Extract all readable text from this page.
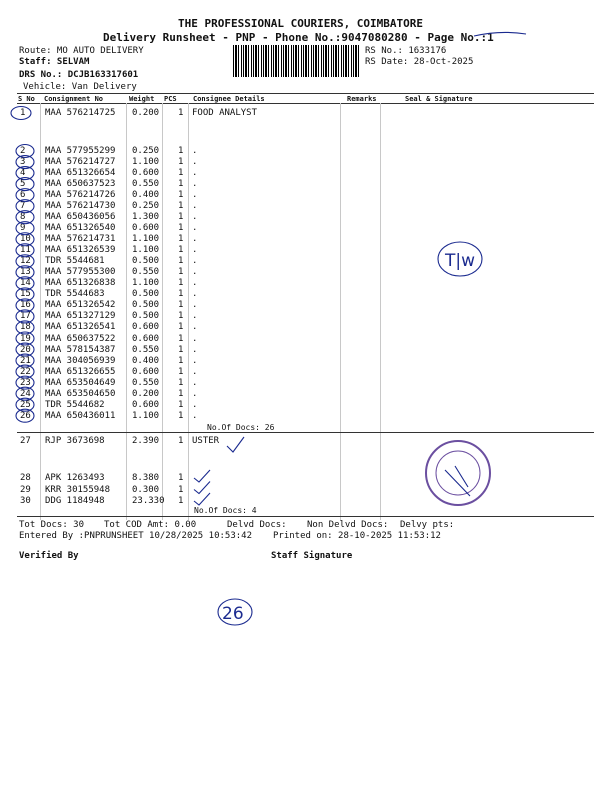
THE PROFESSIONAL COURIERS, COIMBATORE
Delivery Runsheet - PNP - Phone No.:9047080280 - Page No.:1
Route: MO AUTO DELIVERY
Staff: SELVAM
DRS No.: DCJB163317601
Vehicle: Van Delivery
RS No.: 1633176
RS Date: 28-Oct-2025
S No Consignment No	Weight PCS Consignee Details	Remarks	Seal & Signature
1 MAA 576214725 0.200 1 FOOD ANALYST
2 MAA 577955299 0.250 1 .
3 MAA 576214727 1.100 1 .
4 MAA 651326654 0.600 1 .
5 MAA 650637523 0.550 1 .
6 MAA 576214726 0.400 1 .
7 MAA 576214730 0.250 1 .
8 MAA 650436056 1.300 1 .
9 MAA 651326540 0.600 1 .
10 MAA 576214731 1.100 1 .
11 MAA 651326539 1.100 1 .
12 TDR 5544681	0.500 1 .
13 MAA 577955300 0.550 1 .
14 MAA 651326838 1.100 1 .
15 TDR 5544683	0.500 1 .
16 MAA 651326542 0.500 1 .
17 MAA 651327129 0.500 1 .
18 MAA 651326541 0.600 1 .
19 MAA 650637522 0.600 1 .
20 MAA 578154387 0.550 1 .
21 MAA 304056939 0.400 1 .
22 MAA 651326655 0.600 1 .
23 MAA 653504649 0.550 1 .
24 MAA 653504650 0.200 1 .
25 TDR 5544682	0.600 1 .
26 MAA 650436011 1.100 1 .
27 RJP 3673698	2.390 1 USTER
28 APK 1263493	8.380 1
29 KRR 30155948 0.300 1
30 DDG 1184948	23.330 1
No.Of Docs: 26
No.Of Docs: 4
Tot Docs: 30 Tot COD Amt: 0.00	Delvd Docs: Non Delvd Docs: Delvy pts:
Entered By :PNPRUNSHEET 10/28/2025 10:53:42 Printed on: 28-10-2025 11:53:12
Verified By	Staff Signature
T|w
26
